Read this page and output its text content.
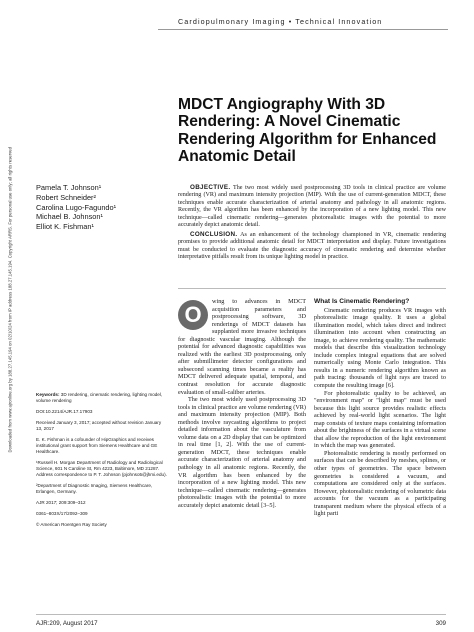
Downloaded from www.ajronline.org by 188.27.145.194 on 02/10/24 from IP address 188.27.145.194. Copyright ARRS. For personal use only; all rights reserved
Cardiopulmonary Imaging • Technical Innovation
MDCT Angiography With 3D Rendering: A Novel Cinematic Rendering Algorithm for Enhanced Anatomic Detail
Pamela T. Johnson¹
Robert Schneider²
Carolina Lugo-Fagundo¹
Michael B. Johnson¹
Elliot K. Fishman¹

OBJECTIVE. The two most widely used postprocessing 3D tools in clinical practice are volume rendering (VR) and maximum intensity projection (MIP). With the use of current-generation MDCT, these techniques enable accurate characterization of arterial anatomy and pathology in all anatomic regions. Recently, the VR algorithm has been enhanced by the incorporation of a new lighting model. This new technique—called cinematic rendering—generates photorealistic images with the potential to more accurately depict anatomic detail.

CONCLUSION. As an enhancement of the technology championed in VR, cinematic rendering promises to provide additional anatomic detail for MDCT interpretation and display. Future investigations must be conducted to evaluate the diagnostic accuracy of cinematic rendering and determine whether interpretative pitfalls result from its unique lighting model in practice.

Keywords: 3D rendering, cinematic rendering, lighting model, volume rendering

DOI:10.2214/AJR.17.17903

Received January 3, 2017; accepted without revision January 13, 2017

E. K. Fishman is a cofounder of HipGraphics and receives institutional grant support from Siemens Healthcare and GE Healthcare.

¹Russell H. Morgan Department of Radiology and Radiological Science, 601 N Caroline St, Rm 4223, Baltimore, MD 21287. Address correspondence to P. T. Johnson (pjohnso5@jhmi.edu).

²Department of Diagnostic Imaging, Siemens Healthcare, Erlangen, Germany.

AJR 2017; 209:309–312

0361–803X/17/2092–309

© American Roentgen Ray Society

O
wing to advances in MDCT acquisition parameters and postprocessing software, 3D renderings of MDCT datasets has supplanted more invasive techniques for diagnostic vascular imaging. Although the potential for advanced diagnostic capabilities was realized with the earliest 3D postprocessing, only after submillimeter detector configurations and subsecond scanning times became a reality has MDCT delivered adequate spatial, temporal, and contrast resolution for accurate diagnostic evaluation of small-caliber arteries.

The two most widely used postprocessing 3D tools in clinical practice are volume rendering (VR) and maximum intensity projection (MIP). Both methods involve raycasting algorithms to project detailed information about the vasculature from volume data on a 2D display that can be optimized in real time [1, 2]. With the use of current-generation MDCT, these techniques enable accurate characterization of arterial anatomy and pathology in all anatomic regions. Recently, the VR algorithm has been enhanced by the incorporation of a new lighting model. This new technique—called cinematic rendering—generates photorealistic images with the potential to more accurately depict anatomic detail [3–5].

What Is Cinematic Rendering?

Cinematic rendering produces VR images with photorealistic image quality. It uses a global illumination model, which takes direct and indirect illumination into account when constructing an image, to achieve rendering quality. The mathematic models that describe this visualization technology include complex integral equations that are solved numerically using Monte Carlo integration. This results in a numeric rendering algorithm known as path tracing: thousands of light rays are traced to compute the resulting image [6].

For photorealistic quality to be achieved, an "environment map" or "light map" must be used because this light source provides realistic effects achieved by real-world light scenarios. The light map consists of texture maps containing information about the brightness of the surfaces in a virtual scene that allow the reproduction of the light environment in which the map was generated.

Photorealistic rendering is mostly performed on surfaces that can be described by meshes, splines, or other types of geometries. The space between geometries is considered a vacuum, and computations are considered only at the surfaces. However, photorealistic rendering of volumetric data accounts for the vacuum as a participating transparent medium where the physical effects of a light parti

AJR:209, August 2017	309
